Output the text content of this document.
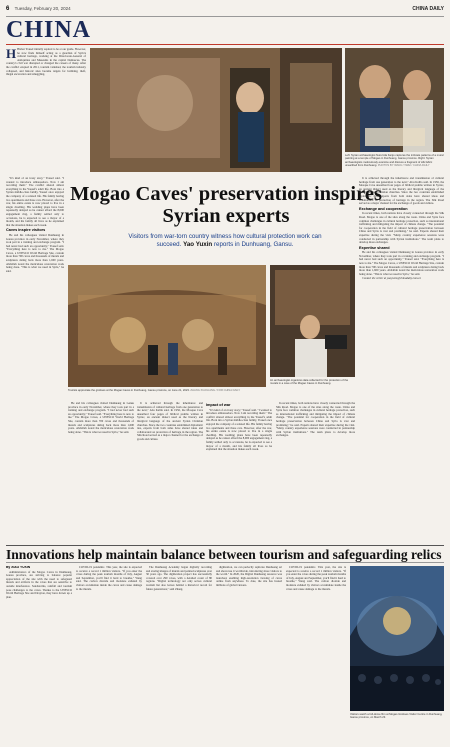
6 Tuesday, February 20, 2024	CHINA DAILY
CHINA
H Hishar Yousef initially aspired to be a tour guide. However, he now finds himself acting as a guardian of Syria's cultural heritage, working at the Directorate-General of Antiquities and Museums in the capital Damascus. The country's civil war disrupted or changed the careers of many. After the conflict erupted in 2011, tourism vanished, the tourism industry collapsed, and historic sites became targets for bombing, theft, illegal excavation and smuggling.
Left: Syrian archaeologist Nurel Ala Kanjo captures the intricate patterns of a mural painting at a temple of Mogao in Dunhuang, Gansu province. Right: Syrian archaeologists meticulously examine and discuss a fragment of silk fabric unearthed from Dunhuang. PHOTOS BY WANG YIWEI / CHINA DAILY
Mogao Caves' preservation inspires Syrian experts
Visitors from war-torn country witness how cultural protection work can succeed. Yao Yuxin reports in Dunhuang, Gansu.

"It's kind of an irony story," Yousef said. "I wanted to introduce ambassadors. Now I am recording them." The conflict altered almost everything in the Yousef's adult life. Born into a Syrian middle-class family, Yousef once enjoyed the company of a relaxed life. His family having two apartments and three cars. However, after the war, his entire estate is now placed to live in a single dwelling. His wedding plans have been repeatedly delayed as he cannot afford the 8,000 engagement ring, a family settled only to occasions, he is expected to see a mayor of a month, and his family all lives as he explained that the situation makes each week.

Caves inspire visitors

He and his colleagues visited Dunhuang in Gansu province in early November, where they took part in a training and exchange program. "I had never had such an opportunity," Yousef said. "Everything here is new to me." The Mogao Caves, a UNESCO World Heritage Site, contain more than 700 caves and thousands of murals and sculptures dating back more than 1,600 years. Abdallah noted the meticulous restoration work being done. "This is what we need in Syria," he said.

Tourists appreciate the grottoes at the Mogao Caves in Dunhuang, Gansu province, on June 21, 2023. ZHANG XIAOLIANG / FOR CHINA DAILY
An archaeologist organizes data collected for the protection of the murals in a cave of the Mogao Caves in Dunhuang.

He and his colleagues visited Dunhuang in Gansu province in early November, where they took part in a training and exchange program. "I had never had such an opportunity," Yousef said. "Everything here is new to me." The Mogao Caves, a UNESCO World Heritage Site, contain more than 700 caves and thousands of murals and sculptures dating back more than 1,600 years. Abdallah noted the meticulous restoration work being done. "This is what we need in Syria," he said.

It is achieved through the inheritance and transmission of cultural heritage from one generation to the next," Abu Kalila said. In 1956, the Mosque Cave unearthed four pages of biblical psalms written in Syriac, an ancient dialect used as the literary and liturgical language of the ancient Syrian Christian churches. Since the two countries established diplomatic ties, experts from both sides have shared ideas and collaborated on protection of heritage in the region. The Silk Road served as a major channel for the exchange of goods and culture.

Impact of war

"It's kind of an irony story," Yousef said. "I wanted to introduce ambassadors. Now I am recording them." The conflict altered almost everything in the Yousef's adult life. Born into a Syrian middle-class family, Yousef once enjoyed the company of a relaxed life. His family having two apartments and three cars. However, after the war, his entire estate is now placed to live in a single dwelling. His wedding plans have been repeatedly delayed as he cannot afford the 8,000 engagement ring, a family settled only to occasions, he is expected to see a mayor of a month, and his family all lives as he explained that the situation makes each week.

It is achieved through the inheritance and transmission of cultural heritage from one generation to the next," Abu Kalila said. In 1956, the Mosque Cave unearthed four pages of biblical psalms written in Syriac, an ancient dialect used as the literary and liturgical language of the ancient Syrian Christian churches. Since the two countries established diplomatic ties, experts from both sides have shared ideas and collaborated on protection of heritage in the region. The Silk Road served as a major channel for the exchange of goods and culture.

Exchange and cooperation

In recent times, both nations have closely connected through the Silk Road. Mogao is one of the sites along the route. China and Syria face common challenges in cultural heritage protection, such as international trafficking and mitigating the impact of climate change. "The potential for cooperation in the field of cultural heritage preservation between China and Syria is vast and promising," he said. Experts shared their expertise during the visit. "Many country experience sessions were conducted in partnership with Syrian institutions." The team plans to develop more exchanges.

Expertise shared

He and his colleagues visited Dunhuang in Gansu province in early November, where they took part in a training and exchange program. "I had never had such an opportunity," Yousef said. "Everything here is new to me." The Mogao Caves, a UNESCO World Heritage Site, contain more than 700 caves and thousands of murals and sculptures dating back more than 1,600 years. Abdallah noted the meticulous restoration work being done. "This is what we need in Syria," he said.

Contact the writer at yaoyuxin@chinadaily.com.cn

In recent times, both nations have closely connected through the Silk Road. Mogao is one of the sites along the route. China and Syria face common challenges in cultural heritage protection, such as international trafficking and mitigating the impact of climate change. "The potential for cooperation in the field of cultural heritage preservation between China and Syria is vast and promising," he said. Experts shared their expertise during the visit. "Many country experience sessions were conducted in partnership with Syrian institutions." The team plans to develop more exchanges.

Innovations help maintain balance between tourism and safeguarding relics
By XIAO YUXIN

Administrators of the Mogao Caves in Dunhuang, Gansu province, are striving to balance popular appreciation of the site with the need to safeguard murals and artifacts in the caves that are sensitive to outside interference. Sandstorms, rainfall and tourism pose challenges to the caves. Thanks to the UNESCO World Heritage Site and Drayton, they have drawn up a plan.

COVID-19 pandemic. This year, the site is expected to receive a record 1 million visitors. "If you enter the caves during the peak tourism months of July, August and September, you'll find it hard to breathe," Wang said. The carbon dioxide and moisture exhaled by visitors accumulate inside the caves and cause damage to the murals.

The Dunhuang Academy began digitally recording and storing images of murals and painted sculptures over 30 years ago. The digitization project has successfully covered over 290 caves, with a detailed count of 80 regions. "Digital technology not only serves cultural tourism but also leaves behind a historical record for future generations," said Zhang.

digitization, we can perfectly replicate Dunhuang art and showcase it worldwide, introducing more visitors to the world." In 2020, the Digital Dunhuang resource was launched, enabling high-resolution viewing of caves online from anywhere. To date, the site has hosted millions of global viewers.

COVID-19 pandemic. This year, the site is expected to receive a record 1 million visitors. "If you enter the caves during the peak tourism months of July, August and September, you'll find it hard to breathe," Wang said. The carbon dioxide and moisture exhaled by visitors accumulate inside the caves and cause damage to the murals.

Visitors watch a full-dome film at Mogao Grottoes Visitor Centre in Dunhuang, Gansu province, on March 23.
